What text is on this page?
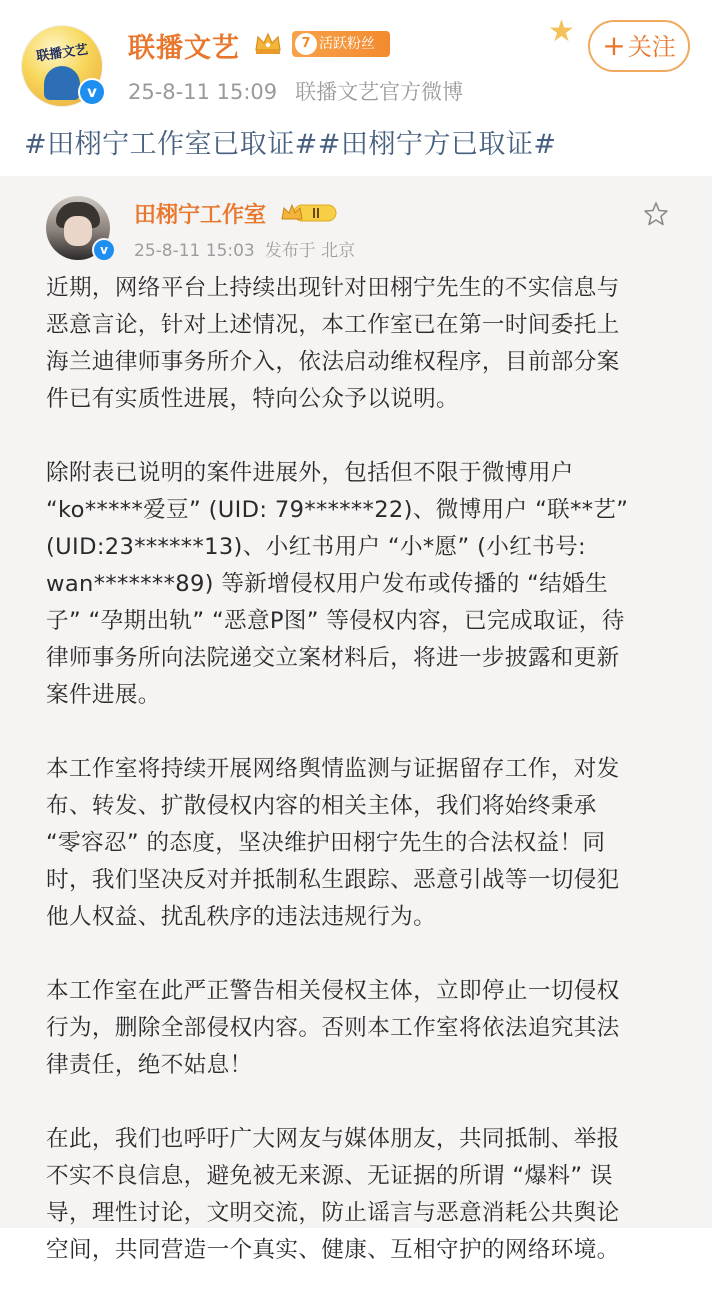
联播文艺
v
联播文艺	7 活跃粉丝
25-8-11 15:09 联播文艺官方微博
★ +关注
#田栩宁工作室已取证##田栩宁方已取证#
v
田栩宁工作室
25-8-11 15:03 发布于 北京

近期，网络平台上持续出现针对田栩宁先生的不实信息与
恶意言论，针对上述情况，本工作室已在第一时间委托上
海兰迪律师事务所介入，依法启动维权程序，目前部分案
件已有实质性进展，特向公众予以说明。

除附表已说明的案件进展外，包括但不限于微博用户
“ko*****爱豆” (UID: 79******22)、微博用户 “联**艺”
(UID:23******13)、小红书用户 “小*愿” (小红书号:
wan*******89) 等新增侵权用户发布或传播的 “结婚生
子” “孕期出轨” “恶意P图” 等侵权内容，已完成取证，待
律师事务所向法院递交立案材料后，将进一步披露和更新
案件进展。

本工作室将持续开展网络舆情监测与证据留存工作，对发
布、转发、扩散侵权内容的相关主体，我们将始终秉承
“零容忍” 的态度，坚决维护田栩宁先生的合法权益！同
时，我们坚决反对并抵制私生跟踪、恶意引战等一切侵犯
他人权益、扰乱秩序的违法违规行为。

本工作室在此严正警告相关侵权主体，立即停止一切侵权
行为，删除全部侵权内容。否则本工作室将依法追究其法
律责任，绝不姑息！

在此，我们也呼吁广大网友与媒体朋友，共同抵制、举报
不实不良信息，避免被无来源、无证据的所谓 “爆料” 误
导，理性讨论，文明交流，防止谣言与恶意消耗公共舆论
空间，共同营造一个真实、健康、互相守护的网络环境。
